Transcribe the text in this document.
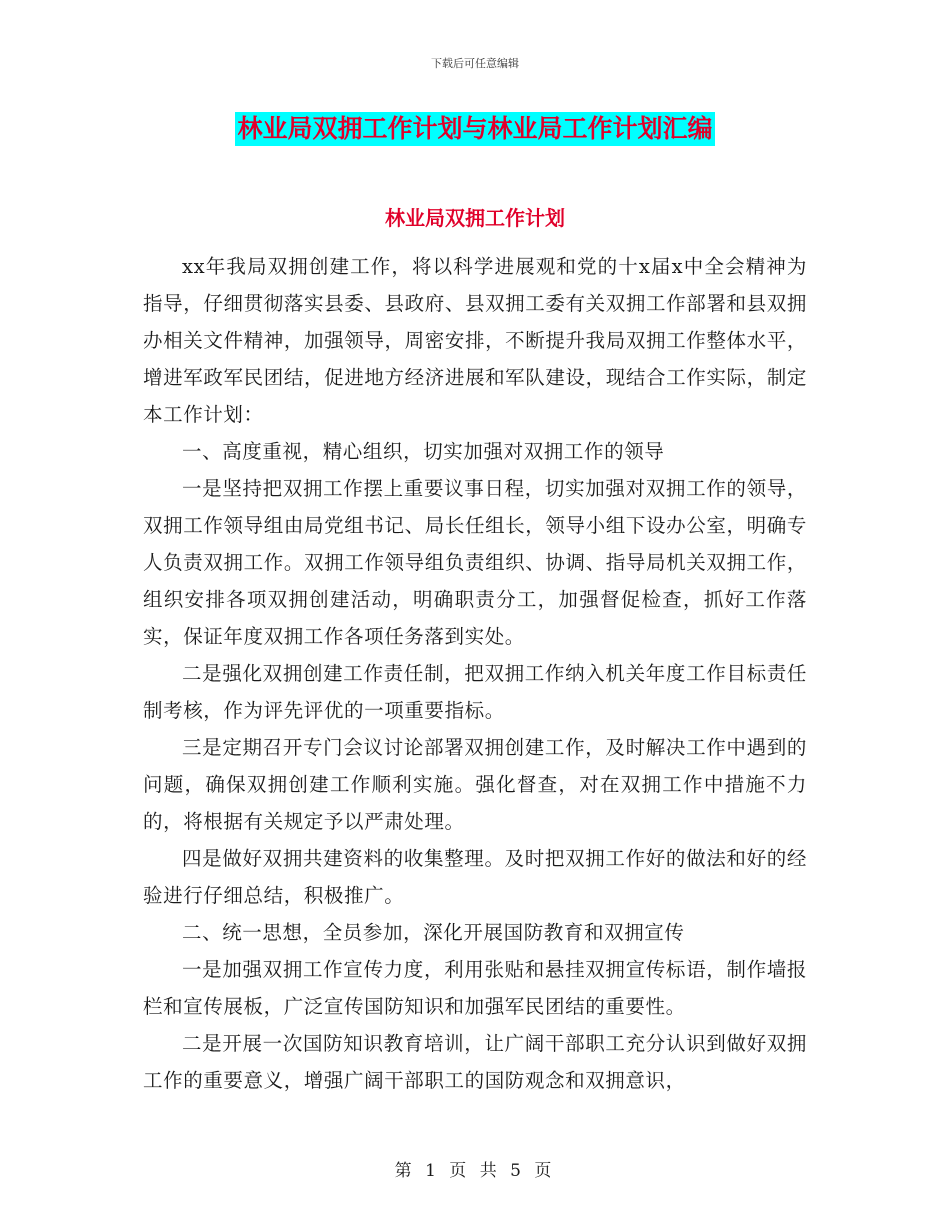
下载后可任意编辑
林业局双拥工作计划与林业局工作计划汇编
林业局双拥工作计划

xx年我局双拥创建工作，将以科学进展观和党的十x届x中全会精神为指导，仔细贯彻落实县委、县政府、县双拥工委有关双拥工作部署和县双拥办相关文件精神，加强领导，周密安排，不断提升我局双拥工作整体水平，增进军政军民团结，促进地方经济进展和军队建设，现结合工作实际，制定本工作计划：

一、高度重视，精心组织，切实加强对双拥工作的领导

一是坚持把双拥工作摆上重要议事日程，切实加强对双拥工作的领导，双拥工作领导组由局党组书记、局长任组长，领导小组下设办公室，明确专人负责双拥工作。双拥工作领导组负责组织、协调、指导局机关双拥工作，组织安排各项双拥创建活动，明确职责分工，加强督促检查，抓好工作落实，保证年度双拥工作各项任务落到实处。

二是强化双拥创建工作责任制，把双拥工作纳入机关年度工作目标责任制考核，作为评先评优的一项重要指标。

三是定期召开专门会议讨论部署双拥创建工作，及时解决工作中遇到的问题，确保双拥创建工作顺利实施。强化督查，对在双拥工作中措施不力的，将根据有关规定予以严肃处理。

四是做好双拥共建资料的收集整理。及时把双拥工作好的做法和好的经验进行仔细总结，积极推广。

二、统一思想，全员参加，深化开展国防教育和双拥宣传

一是加强双拥工作宣传力度，利用张贴和悬挂双拥宣传标语，制作墙报栏和宣传展板，广泛宣传国防知识和加强军民团结的重要性。

二是开展一次国防知识教育培训，让广阔干部职工充分认识到做好双拥工作的重要意义，增强广阔干部职工的国防观念和双拥意识，

第 1 页 共 5 页
